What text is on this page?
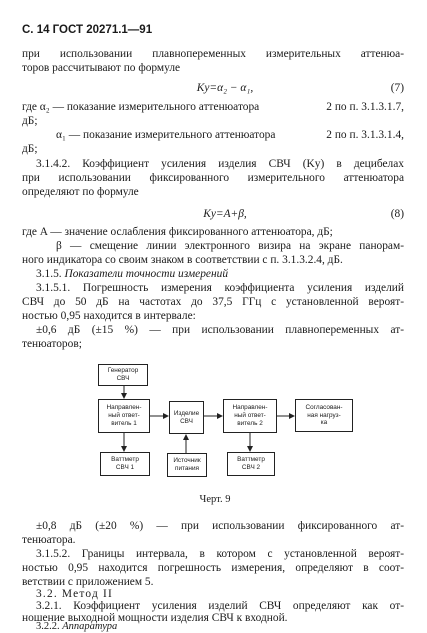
С. 14 ГОСТ 20271.1—91
при использовании плавнопеременных измерительных аттенюа-
торов рассчитывают по формуле
Kу=α₂ − α₁,	(7)
где α₂ — показание измерительного аттенюатора	2 по п. 3.1.3.1.7,
дБ;
α₁ — показание измерительного аттенюатора	2 по п. 3.1.3.1.4,
дБ;
3.1.4.2. Коэффициент усиления изделия СВЧ (Kу) в децибелах
при использовании фиксированного измерительного аттенюатора
определяют по формуле
Kу=A+β,	(8)
где A — значение ослабления фиксированного аттенюатора, дБ;
β — смещение линии электронного визира на экране панорам-
ного индикатора со своим знаком в соответствии с п. 3.1.3.2.4, дБ.
3.1.5. Показатели точности измерений
3.1.5.1. Погрешность измерения коэффициента усиления изделий
СВЧ до 50 дБ на частотах до 37,5 ГГц с установленной вероят-
ностью 0,95 находится в интервале:
±0,6 дБ (±15 %) — при использовании плавнопеременных ат-
тенюаторов;
Генератор
СВЧ
Направлен-
ный ответ-
витель 1
Изделие
СВЧ
Направлен-
ный ответ-
витель 2
Согласован-
ная нагруз-
ка
Ваттметр
СВЧ 1
Источник
питания
Ваттметр
СВЧ 2
Черт. 9
±0,8 дБ (±20 %) — при использовании фиксированного ат-
тенюатора.
3.1.5.2. Границы интервала, в котором с установленной вероят-
ностью 0,95 находится погрешность измерения, определяют в соот-
ветствии с приложением 5.
3.2. Метод II
3.2.1. Коэффициент усиления изделий СВЧ определяют как от-
ношение выходной мощности изделия СВЧ к входной.
3.2.2. Аппаратура
